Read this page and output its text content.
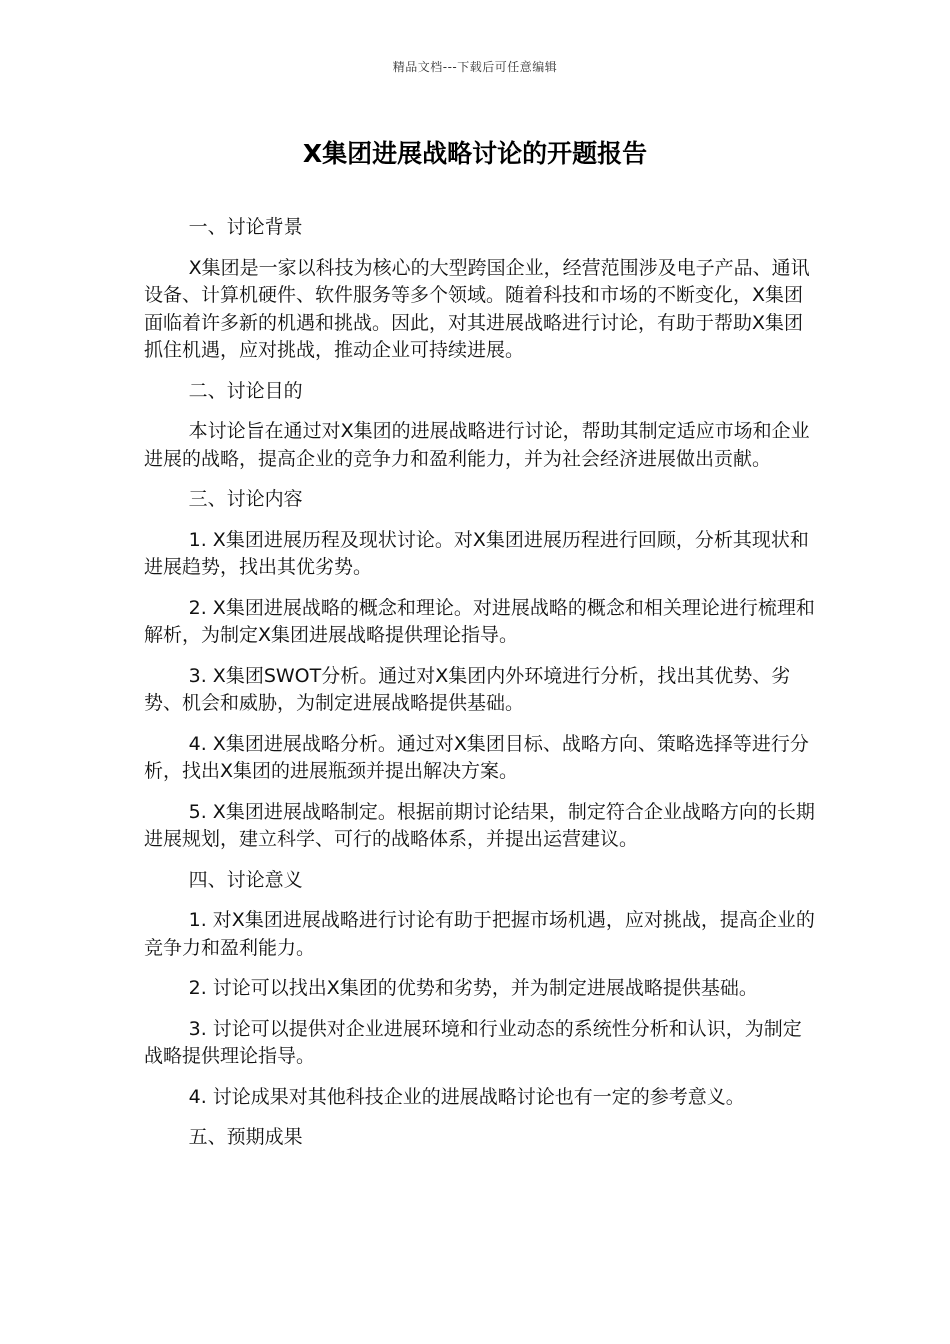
精品文档---下载后可任意编辑
X集团进展战略讨论的开题报告

一、讨论背景

X集团是一家以科技为核心的大型跨国企业，经营范围涉及电子产品、通讯设备、计算机硬件、软件服务等多个领域。随着科技和市场的不断变化，X集团面临着许多新的机遇和挑战。因此，对其进展战略进行讨论，有助于帮助X集团抓住机遇，应对挑战，推动企业可持续进展。

二、讨论目的

本讨论旨在通过对X集团的进展战略进行讨论，帮助其制定适应市场和企业进展的战略，提高企业的竞争力和盈利能力，并为社会经济进展做出贡献。

三、讨论内容

1. X集团进展历程及现状讨论。对X集团进展历程进行回顾，分析其现状和进展趋势，找出其优劣势。

2. X集团进展战略的概念和理论。对进展战略的概念和相关理论进行梳理和解析，为制定X集团进展战略提供理论指导。

3. X集团SWOT分析。通过对X集团内外环境进行分析，找出其优势、劣势、机会和威胁，为制定进展战略提供基础。

4. X集团进展战略分析。通过对X集团目标、战略方向、策略选择等进行分析，找出X集团的进展瓶颈并提出解决方案。

5. X集团进展战略制定。根据前期讨论结果，制定符合企业战略方向的长期进展规划，建立科学、可行的战略体系，并提出运营建议。

四、讨论意义

1. 对X集团进展战略进行讨论有助于把握市场机遇，应对挑战，提高企业的竞争力和盈利能力。

2. 讨论可以找出X集团的优势和劣势，并为制定进展战略提供基础。

3. 讨论可以提供对企业进展环境和行业动态的系统性分析和认识，为制定战略提供理论指导。

4. 讨论成果对其他科技企业的进展战略讨论也有一定的参考意义。

五、预期成果
